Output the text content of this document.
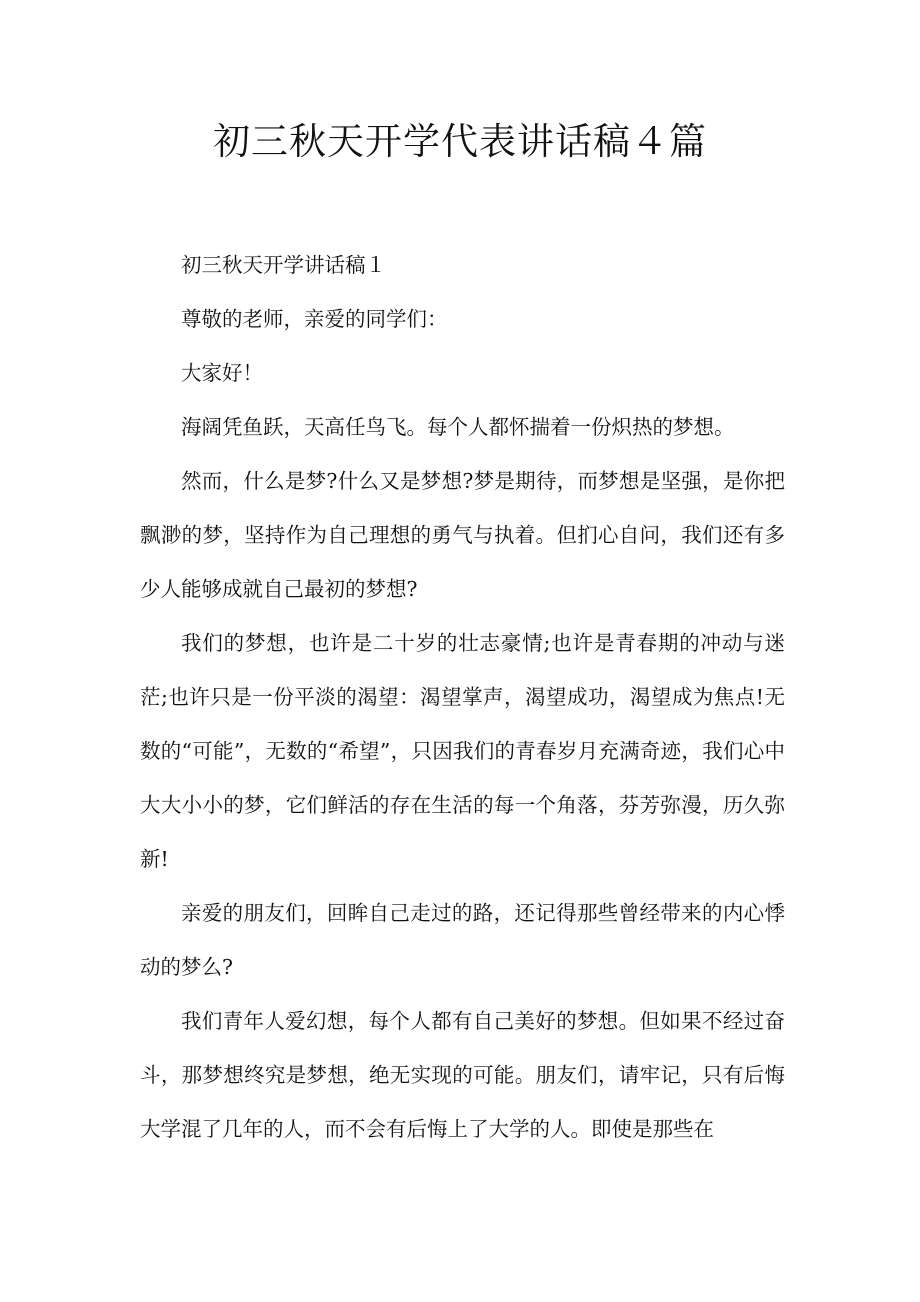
初三秋天开学代表讲话稿４篇

初三秋天开学讲话稿１

尊敬的老师，亲爱的同学们：

大家好！

海阔凭鱼跃，天高任鸟飞。每个人都怀揣着一份炽热的梦想。

然而，什么是梦?什么又是梦想?梦是期待，而梦想是坚强，是你把飘渺的梦，坚持作为自己理想的勇气与执着。但扪心自问，我们还有多少人能够成就自己最初的梦想?

我们的梦想，也许是二十岁的壮志豪情;也许是青春期的冲动与迷茫;也许只是一份平淡的渴望：渴望掌声，渴望成功，渴望成为焦点!无数的“可能”，无数的“希望”，只因我们的青春岁月充满奇迹，我们心中大大小小的梦，它们鲜活的存在生活的每一个角落，芬芳弥漫，历久弥新!

亲爱的朋友们，回眸自己走过的路，还记得那些曾经带来的内心悸动的梦么?

我们青年人爱幻想，每个人都有自己美好的梦想。但如果不经过奋斗，那梦想终究是梦想，绝无实现的可能。朋友们，请牢记，只有后悔大学混了几年的人，而不会有后悔上了大学的人。即使是那些在
